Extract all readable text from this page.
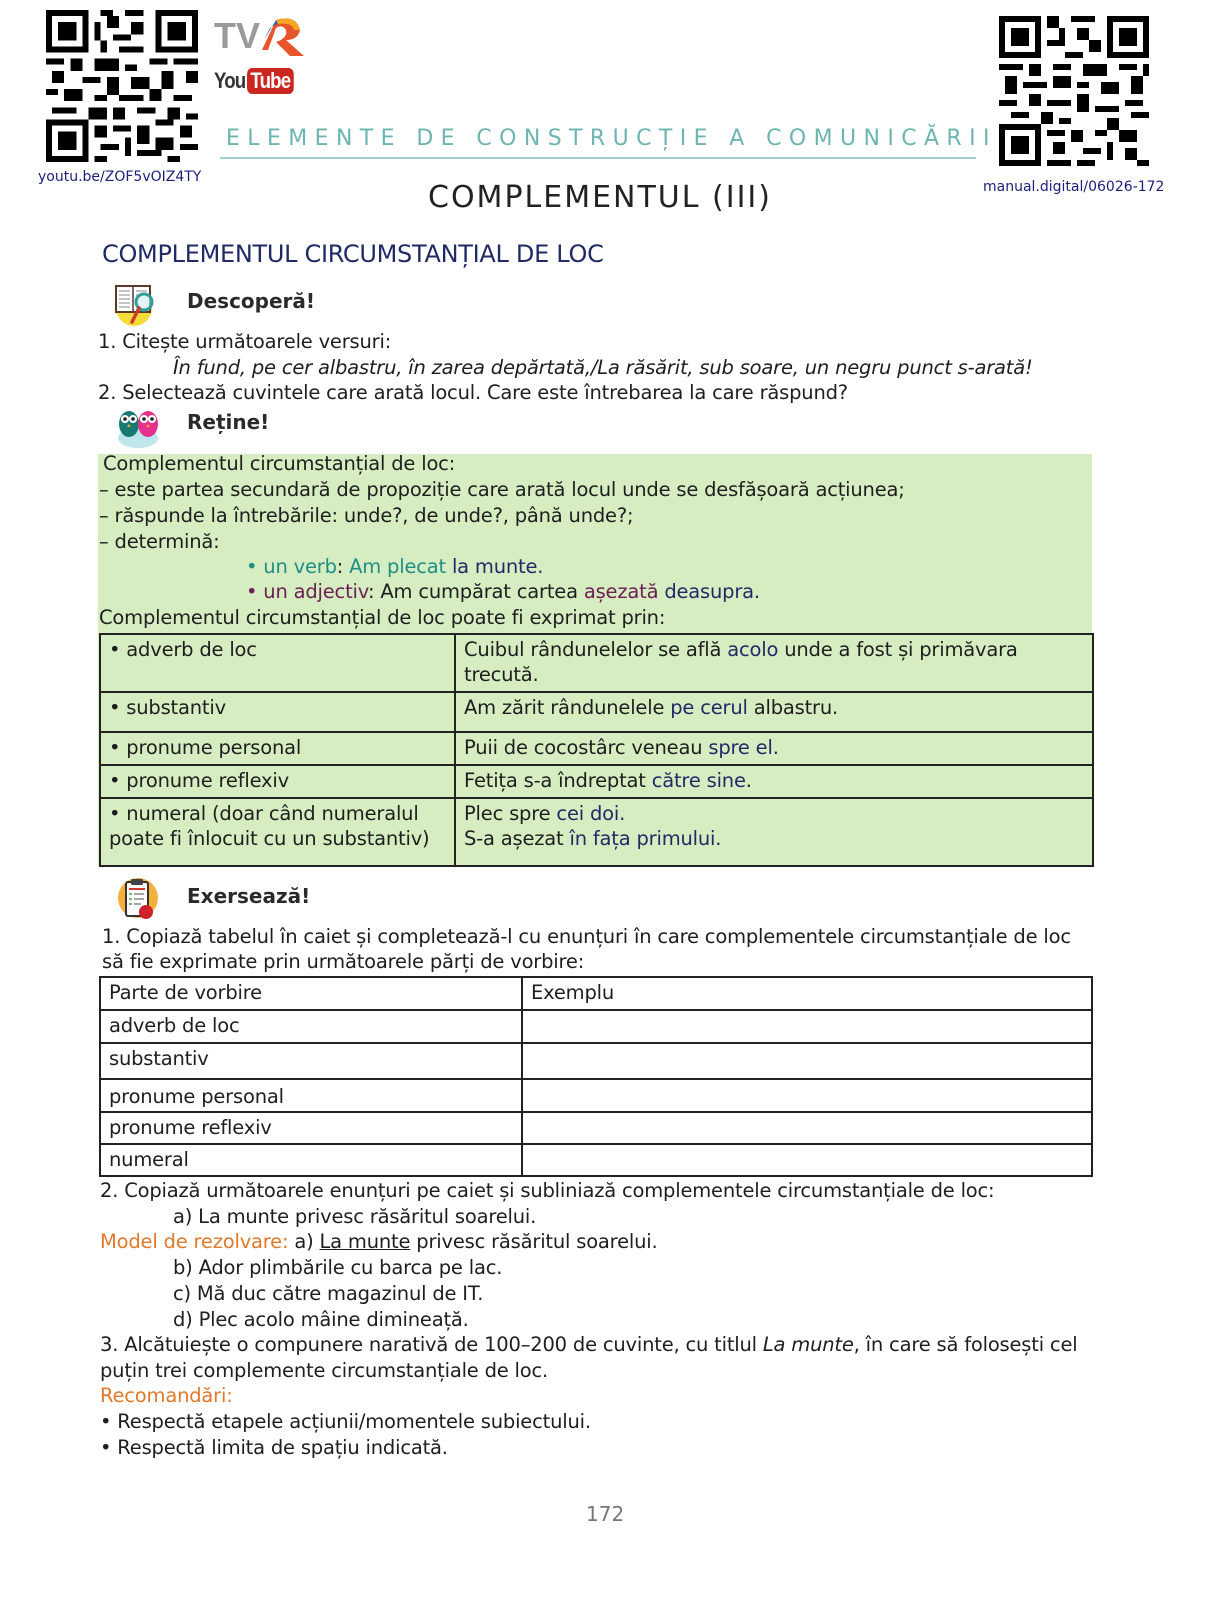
youtu.be/ZOF5vOIZ4TY
TV
You Tube
ELEMENTE DE CONSTRUCȚIE A COMUNICĂRII
manual.digital/06026-172
COMPLEMENTUL (III)
COMPLEMENTUL CIRCUMSTANȚIAL DE LOC
Descoperă!
1. Citește următoarele versuri:
În fund, pe cer albastru, în zarea depărtată,/La răsărit, sub soare, un negru punct s-arată!
2. Selectează cuvintele care arată locul. Care este întrebarea la care răspund?
Reține!
Complementul circumstanțial de loc:
– este partea secundară de propoziție care arată locul unde se desfășoară acțiunea;
– răspunde la întrebările: unde?, de unde?, până unde?;
– determină:
• un verb: Am plecat la munte.
• un adjectiv: Am cumpărat cartea așezată deasupra.
Complementul circumstanțial de loc poate fi exprimat prin:
• adverb de loc	Cuibul rândunelelor se află acolo unde a fost și primăvara trecută.
• substantiv	Am zărit rândunelele pe cerul albastru.
• pronume personal	Puii de cocostârc veneau spre el.
• pronume reflexiv	Fetița s-a îndreptat către sine.
• numeral (doar când numeralul poate fi înlocuit cu un substantiv)	Plec spre cei doi.
S-a așezat în fața primului.
Exersează!
1. Copiază tabelul în caiet și completează-l cu enunțuri în care complementele circumstanțiale de loc
să fie exprimate prin următoarele părți de vorbire:
Parte de vorbire	Exemplu
adverb de loc	
substantiv	
pronume personal	
pronume reflexiv	
numeral	
2. Copiază următoarele enunțuri pe caiet și subliniază complementele circumstanțiale de loc:
a) La munte privesc răsăritul soarelui.
Model de rezolvare: a) La munte privesc răsăritul soarelui.
b) Ador plimbările cu barca pe lac.
c) Mă duc către magazinul de IT.
d) Plec acolo mâine dimineață.
3. Alcătuiește o compunere narativă de 100–200 de cuvinte, cu titlul La munte, în care să folosești cel
puțin trei complemente circumstanțiale de loc.
Recomandări:
• Respectă etapele acțiunii/momentele subiectului.
• Respectă limita de spațiu indicată.
172
